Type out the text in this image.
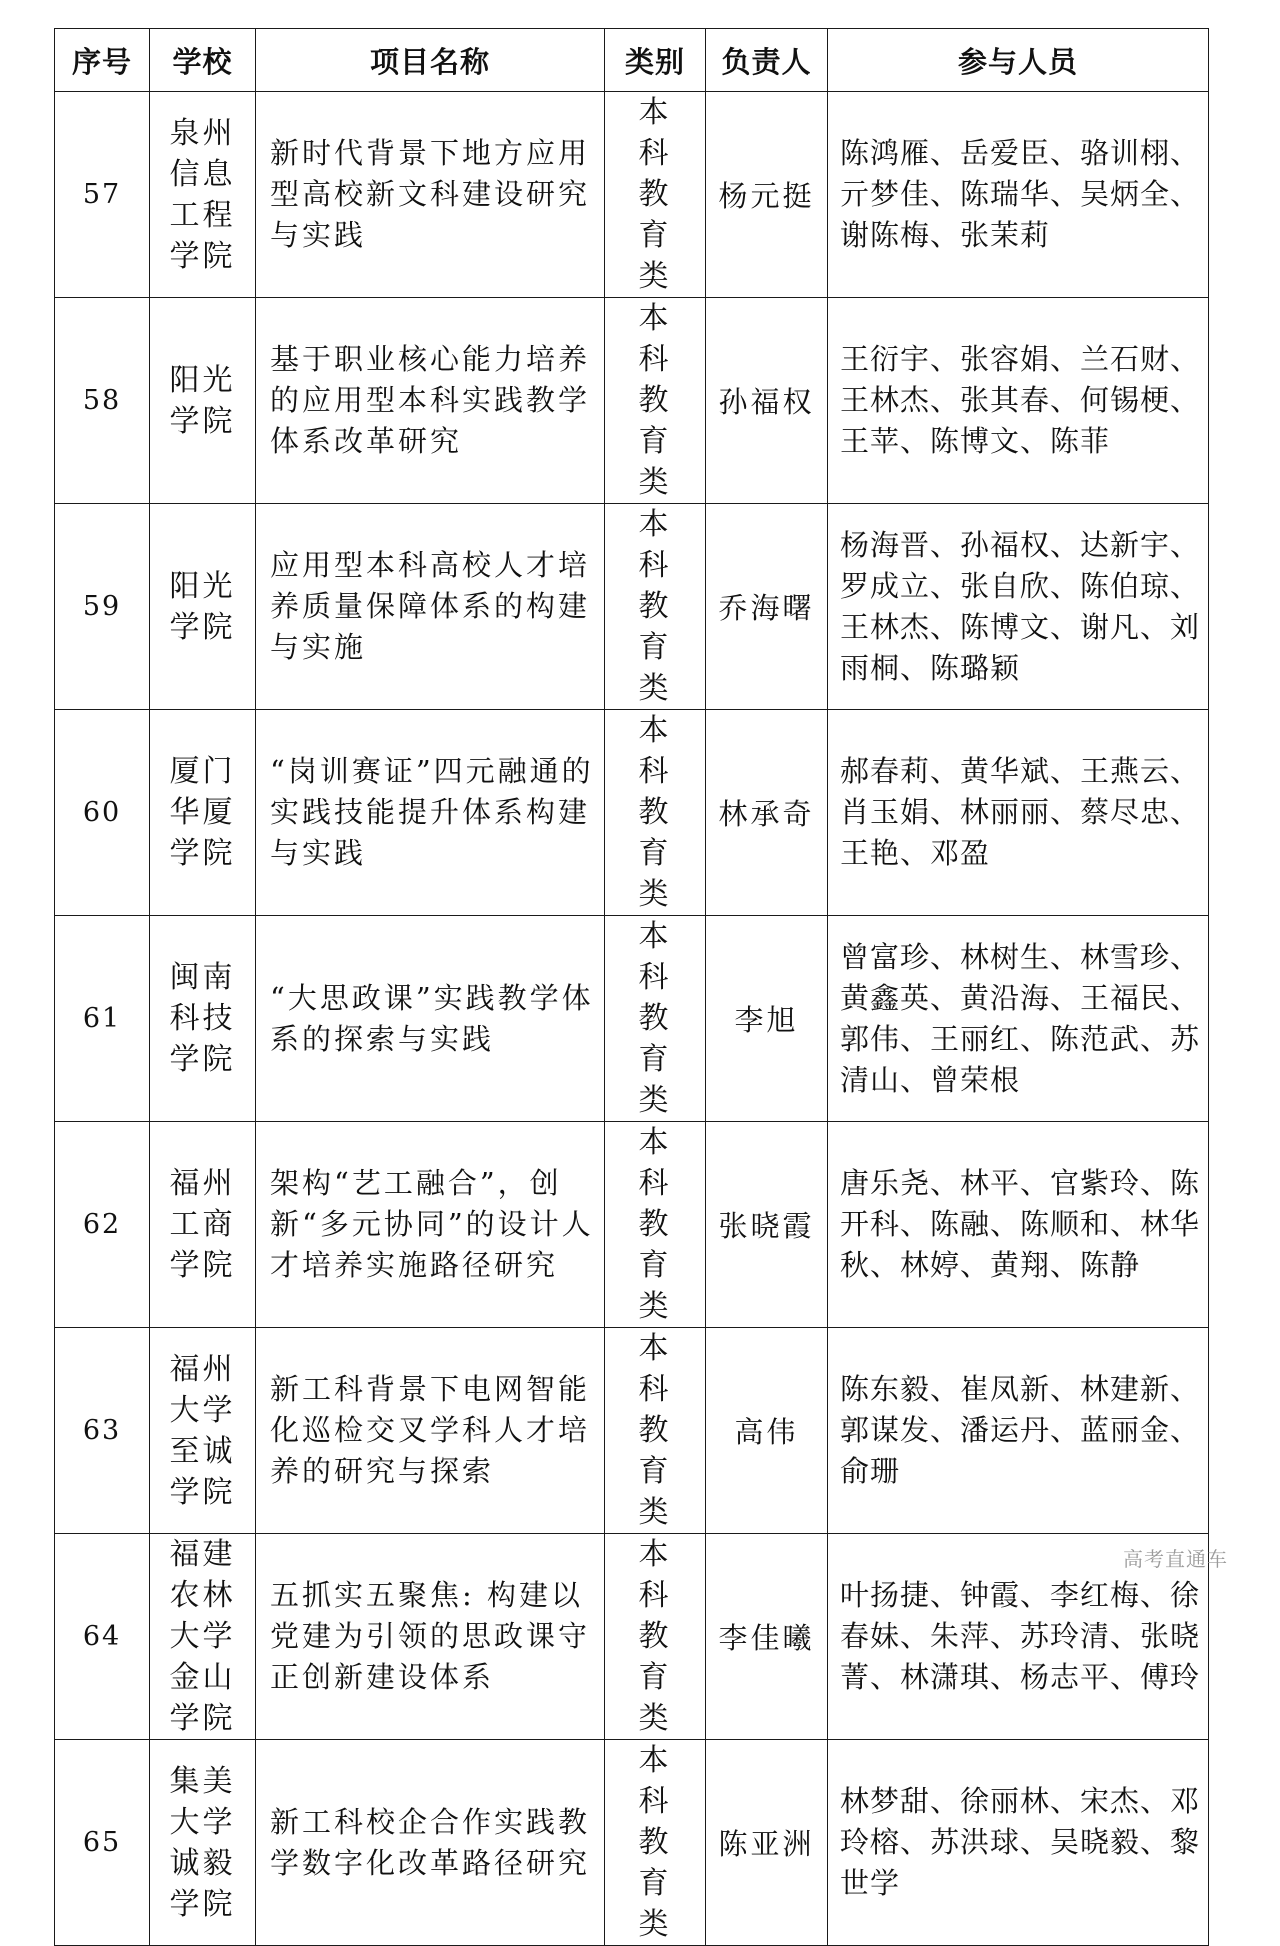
序号	学校	项目名称	类别	负责人	参与人员
57	泉州信息工程学院	新时代背景下地方应用型高校新文科建设研究与实践	本科教育类	杨元挺	陈鸿雁、岳爱臣、骆训栩、亓梦佳、陈瑞华、吴炳全、谢陈梅、张茉莉
58	阳光学院	基于职业核心能力培养的应用型本科实践教学体系改革研究	本科教育类	孙福权	王衍宇、张容娟、兰石财、王林杰、张其春、何锡梗、王苹、陈博文、陈菲
59	阳光学院	应用型本科高校人才培养质量保障体系的构建与实施	本科教育类	乔海曙	杨海晋、孙福权、达新宇、罗成立、张自欣、陈伯琼、王林杰、陈博文、谢凡、刘雨桐、陈璐颖
60	厦门华厦学院	“岗训赛证”四元融通的实践技能提升体系构建与实践	本科教育类	林承奇	郝春莉、黄华斌、王燕云、肖玉娟、林丽丽、蔡尽忠、王艳、邓盈
61	闽南科技学院	“大思政课”实践教学体系的探索与实践	本科教育类	李旭	曾富珍、林树生、林雪珍、黄鑫英、黄沿海、王福民、郭伟、王丽红、陈范武、苏清山、曾荣根
62	福州工商学院	架构“艺工融合”，创新“多元协同”的设计人才培养实施路径研究	本科教育类	张晓霞	唐乐尧、林平、官紫玲、陈开科、陈融、陈顺和、林华秋、林婷、黄翔、陈静
63	福州大学至诚学院	新工科背景下电网智能化巡检交叉学科人才培养的研究与探索	本科教育类	高伟	陈东毅、崔凤新、林建新、郭谋发、潘运丹、蓝丽金、俞珊
64	福建农林大学金山学院	五抓实五聚焦: 构建以党建为引领的思政课守正创新建设体系	本科教育类	李佳曦	叶扬捷、钟霞、李红梅、徐春妹、朱萍、苏玲清、张晓菁、林潇琪、杨志平、傅玲
65	集美大学诚毅学院	新工科校企合作实践教学数字化改革路径研究	本科教育类	陈亚洲	林梦甜、徐丽林、宋杰、邓玲榕、苏洪球、吴晓毅、黎世学
高考直通车
